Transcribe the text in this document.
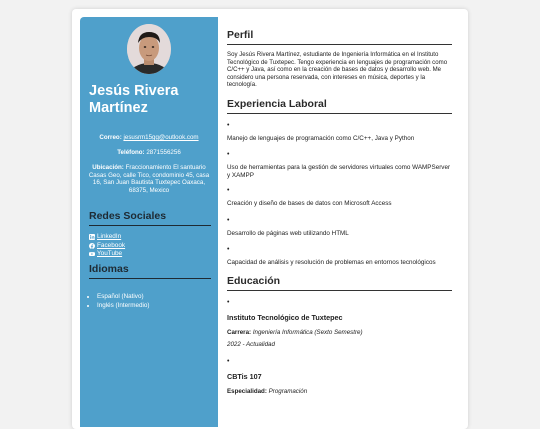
Jesús Rivera Martínez
Correo: jesusrm15gg@outlook.com
Teléfono: 2871556256
Ubicación: Fraccionamiento El santuario Casas Geo, calle Tico, condominio 45, casa 16, San Juan Bautista Tuxtepec Oaxaca, 68375, Mexico
Redes Sociales
LinkedIn
Facebook
YouTube
Idiomas
• Español (Nativo)
• Inglés (Intermedio)
Perfil

Soy Jesús Rivera Martínez, estudiante de Ingeniería Informática en el Instituto Tecnológico de Tuxtepec. Tengo experiencia en lenguajes de programación como C/C++ y Java, así como en la creación de bases de datos y desarrollo web. Me considero una persona reservada, con intereses en música, deportes y la tecnología.

Experiencia Laboral

•

Manejo de lenguajes de programación como C/C++, Java y Python

•

Uso de herramientas para la gestión de servidores virtuales como WAMPServer y XAMPP

•

Creación y diseño de bases de datos con Microsoft Access

•

Desarrollo de páginas web utilizando HTML

•

Capacidad de análisis y resolución de problemas en entornos tecnológicos

Educación

•

Instituto Tecnológico de Tuxtepec

Carrera: Ingeniería Informática (Sexto Semestre)

2022 - Actualidad

•

CBTis 107

Especialidad: Programación
